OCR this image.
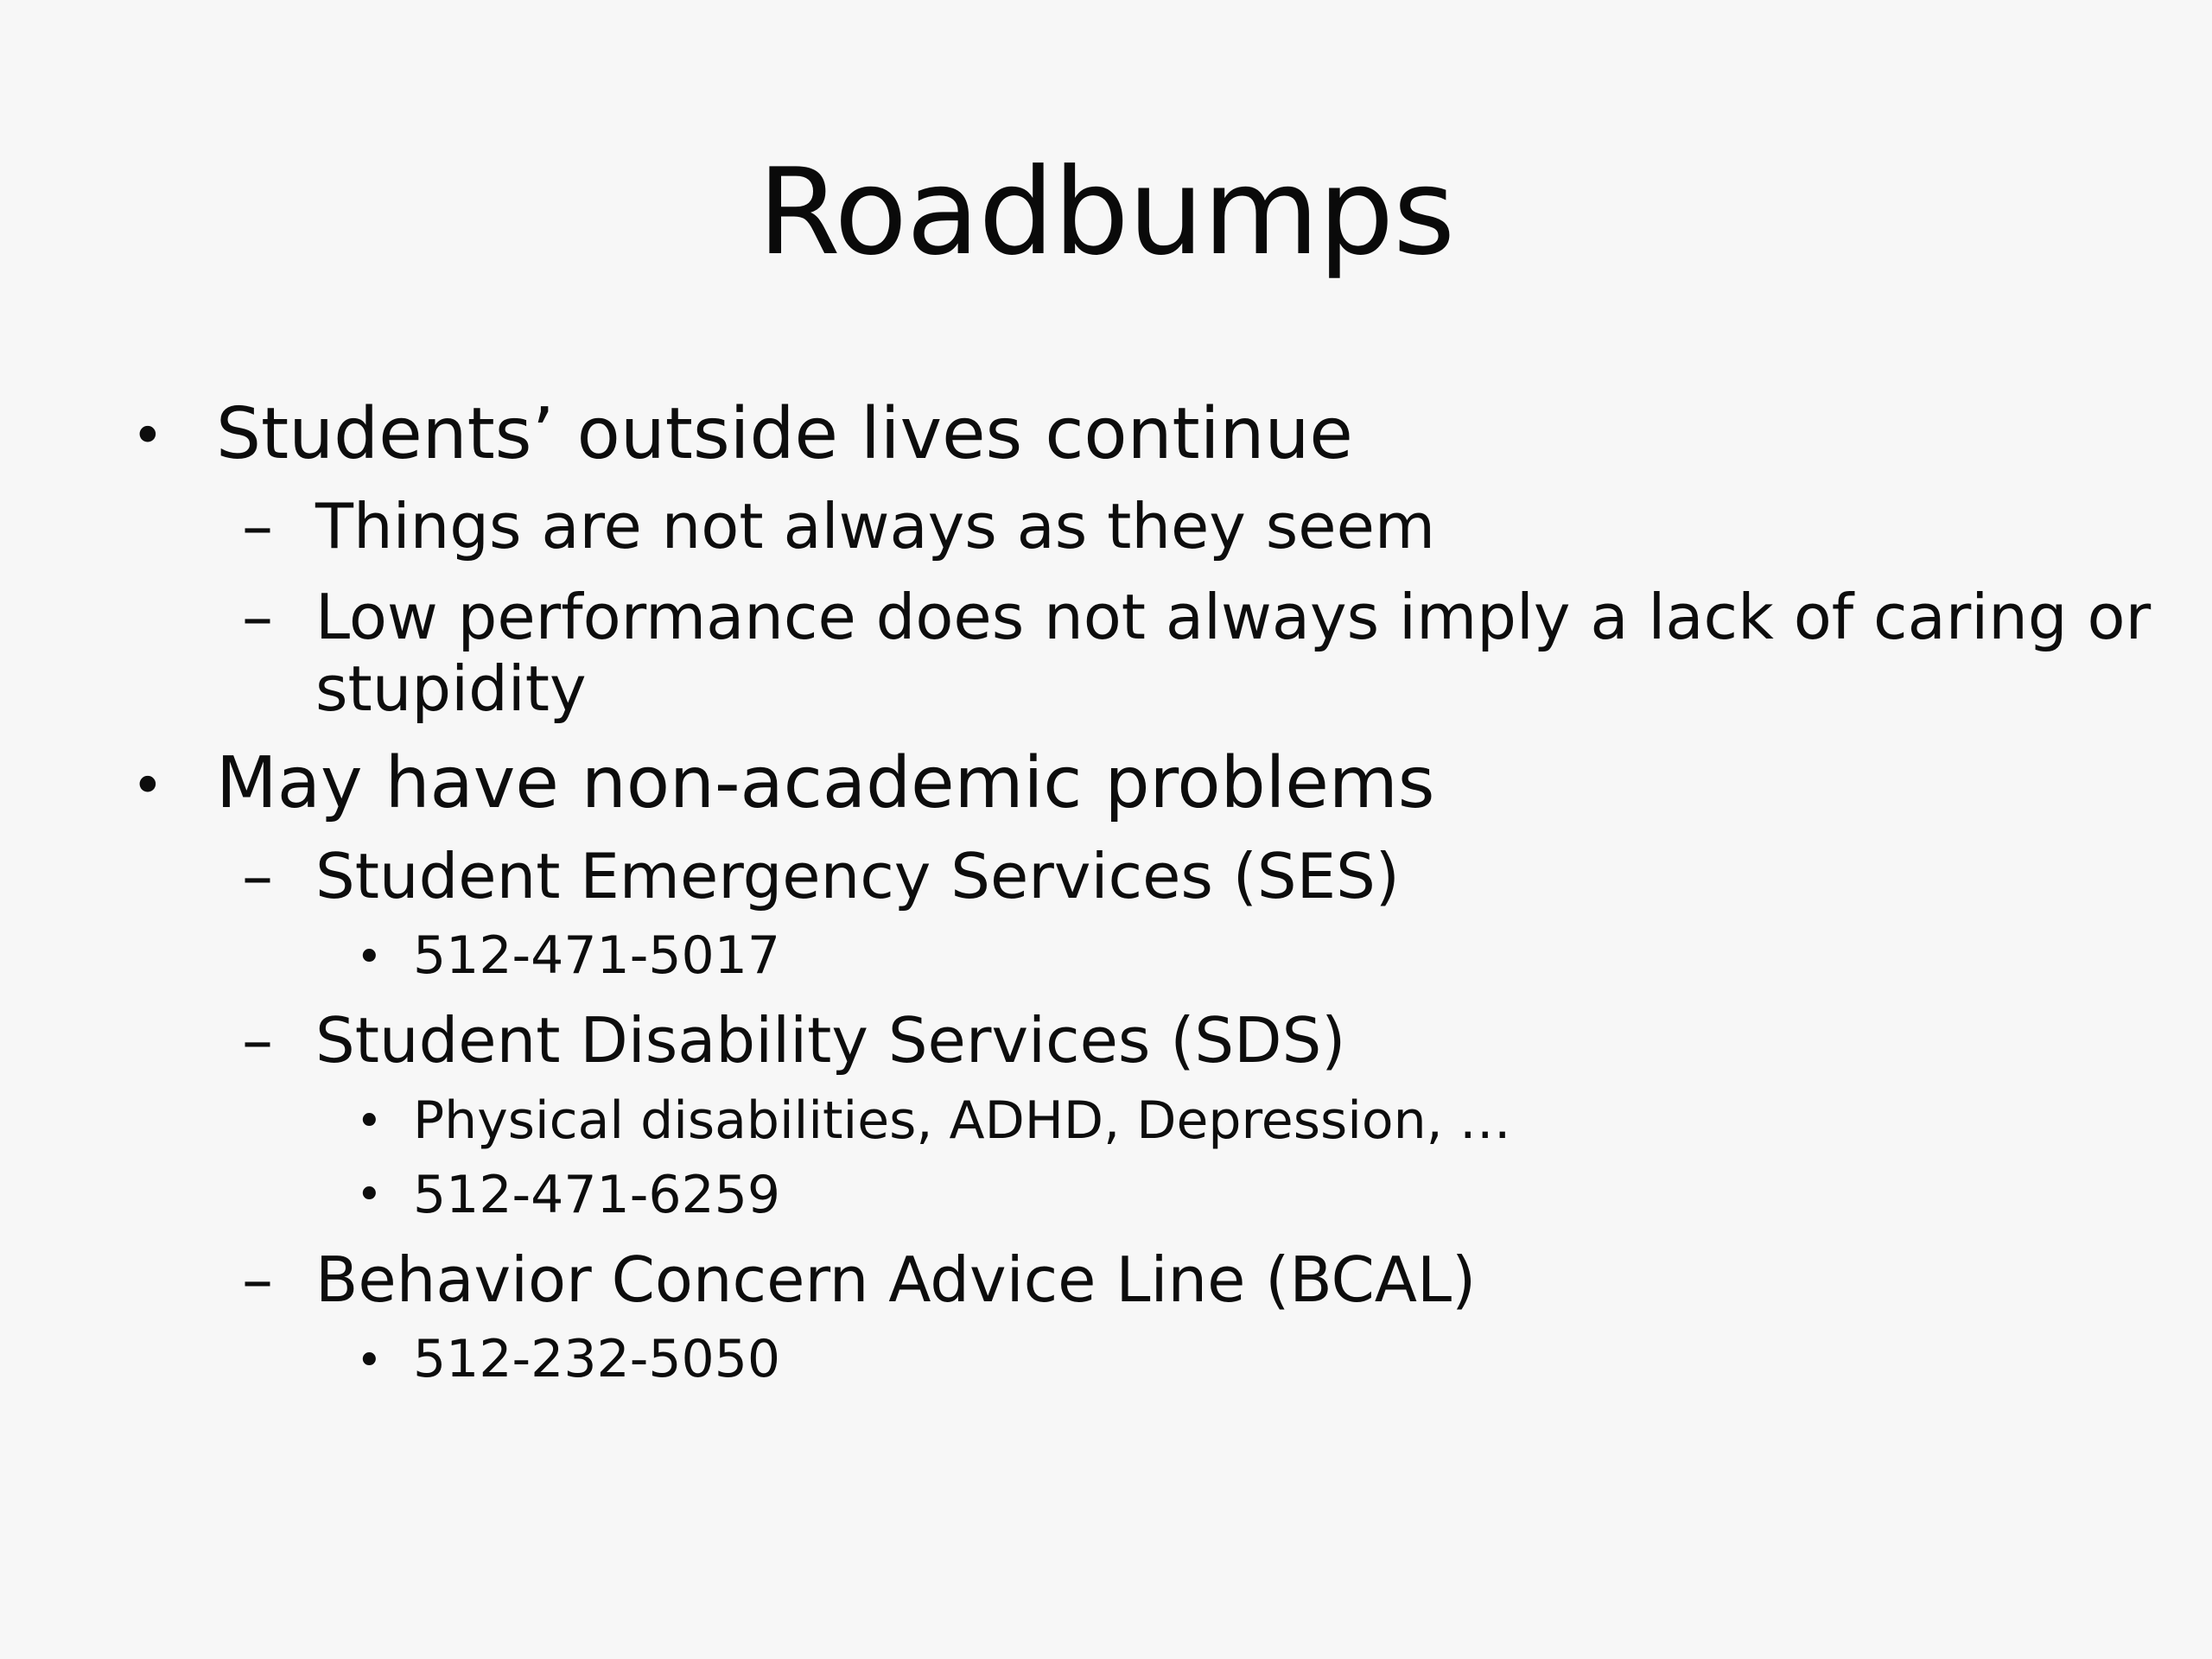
Roadbumps
• Students’ outside lives continue
– Things are not always as they seem
– Low performance does not always imply a lack of caring or
stupidity
• May have non-academic problems
– Student Emergency Services (SES)
• 512-471-5017
– Student Disability Services (SDS)
• Physical disabilities, ADHD, Depression, …
• 512-471-6259
– Behavior Concern Advice Line (BCAL)
• 512-232-5050
